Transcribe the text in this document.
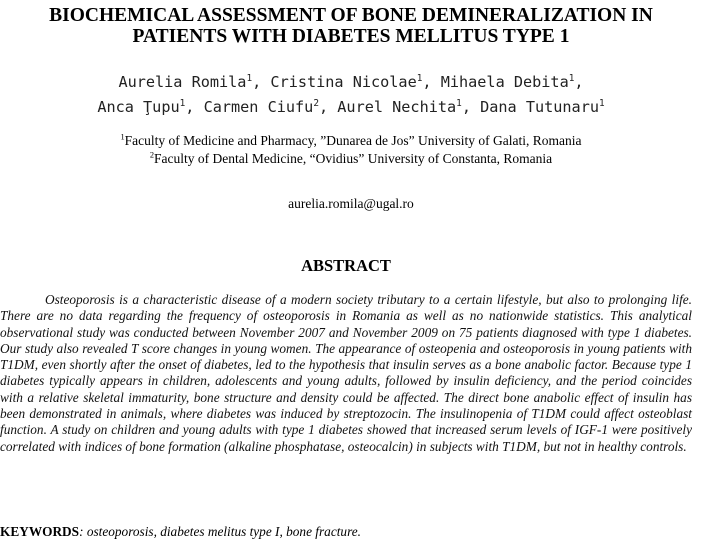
BIOCHEMICAL ASSESSMENT OF BONE DEMINERALIZATION IN
PATIENTS WITH DIABETES MELLITUS TYPE 1
Aurelia Romila$^1$, Cristina Nicolae$^1$, Mihaela Debita$^1$,
Anca Ţupu$^1$, Carmen Ciufu$^2$, Aurel Nechita$^1$, Dana Tutunaru$^1$
$^1$Faculty of Medicine and Pharmacy, ”Dunarea de Jos” University of Galati, Romania
$^2$Faculty of Dental Medicine, “Ovidius” University of Constanta, Romania
aurelia.romila@ugal.ro
ABSTRACT

Osteoporosis is a characteristic disease of a modern society tributary to a certain lifestyle, but also to prolonging life. There are no data regarding the frequency of osteoporosis in Romania as well as no nationwide statistics. This analytical observational study was conducted between November 2007 and November 2009 on 75 patients diagnosed with type 1 diabetes. Our study also revealed T score changes in young women. The appearance of osteopenia and osteoporosis in young patients with T1DM, even shortly after the onset of diabetes, led to the hypothesis that insulin serves as a bone anabolic factor. Because type 1 diabetes typically appears in children, adolescents and young adults, followed by insulin deficiency, and the period coincides with a relative skeletal immaturity, bone structure and density could be affected. The direct bone anabolic effect of insulin has been demonstrated in animals, where diabetes was induced by streptozocin. The insulinopenia of T1DM could affect osteoblast function. A study on children and young adults with type 1 diabetes showed that increased serum levels of IGF-1 were positively correlated with indices of bone formation (alkaline phosphatase, osteocalcin) in subjects with T1DM, but not in healthy controls.

KEYWORDS: osteoporosis, diabetes melitus type I, bone fracture.
